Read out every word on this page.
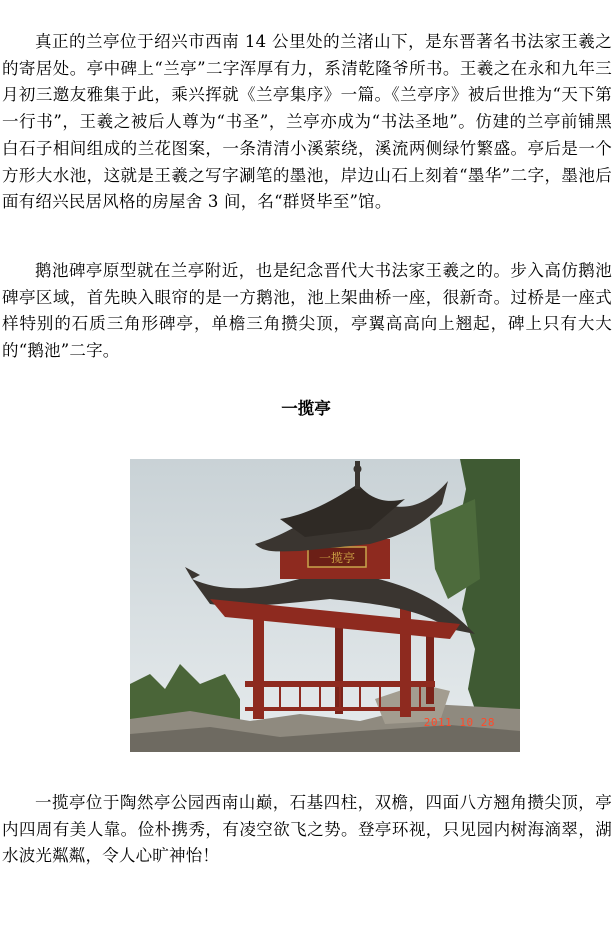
真正的兰亭位于绍兴市西南 14 公里处的兰渚山下，是东晋著名书法家王羲之的寄居处。亭中碑上“兰亭”二字浑厚有力，系清乾隆爷所书。王羲之在永和九年三月初三邀友雅集于此，乘兴挥就《兰亭集序》一篇。《兰亭序》被后世推为“天下第一行书”，王羲之被后人尊为“书圣”，兰亭亦成为“书法圣地”。仿建的兰亭前铺黑白石子相间组成的兰花图案，一条清清小溪萦绕，溪流两侧绿竹繁盛。亭后是一个方形大水池，这就是王羲之写字涮笔的墨池，岸边山石上刻着“墨华”二字，墨池后面有绍兴民居风格的房屋舍 3 间，名“群贤毕至”馆。

鹅池碑亭原型就在兰亭附近，也是纪念晋代大书法家王羲之的。步入高仿鹅池碑亭区域，首先映入眼帘的是一方鹅池，池上架曲桥一座，很新奇。过桥是一座式样特别的石质三角形碑亭，单檐三角攒尖顶，亭翼高高向上翘起，碑上只有大大的“鹅池”二字。

一揽亭
一揽亭
2011 10 28

一揽亭位于陶然亭公园西南山巅，石基四柱，双檐，四面八方翘角攒尖顶，亭内四周有美人靠。俭朴携秀，有凌空欲飞之势。登亭环视，只见园内树海滴翠，湖水波光粼粼，令人心旷神怡！
